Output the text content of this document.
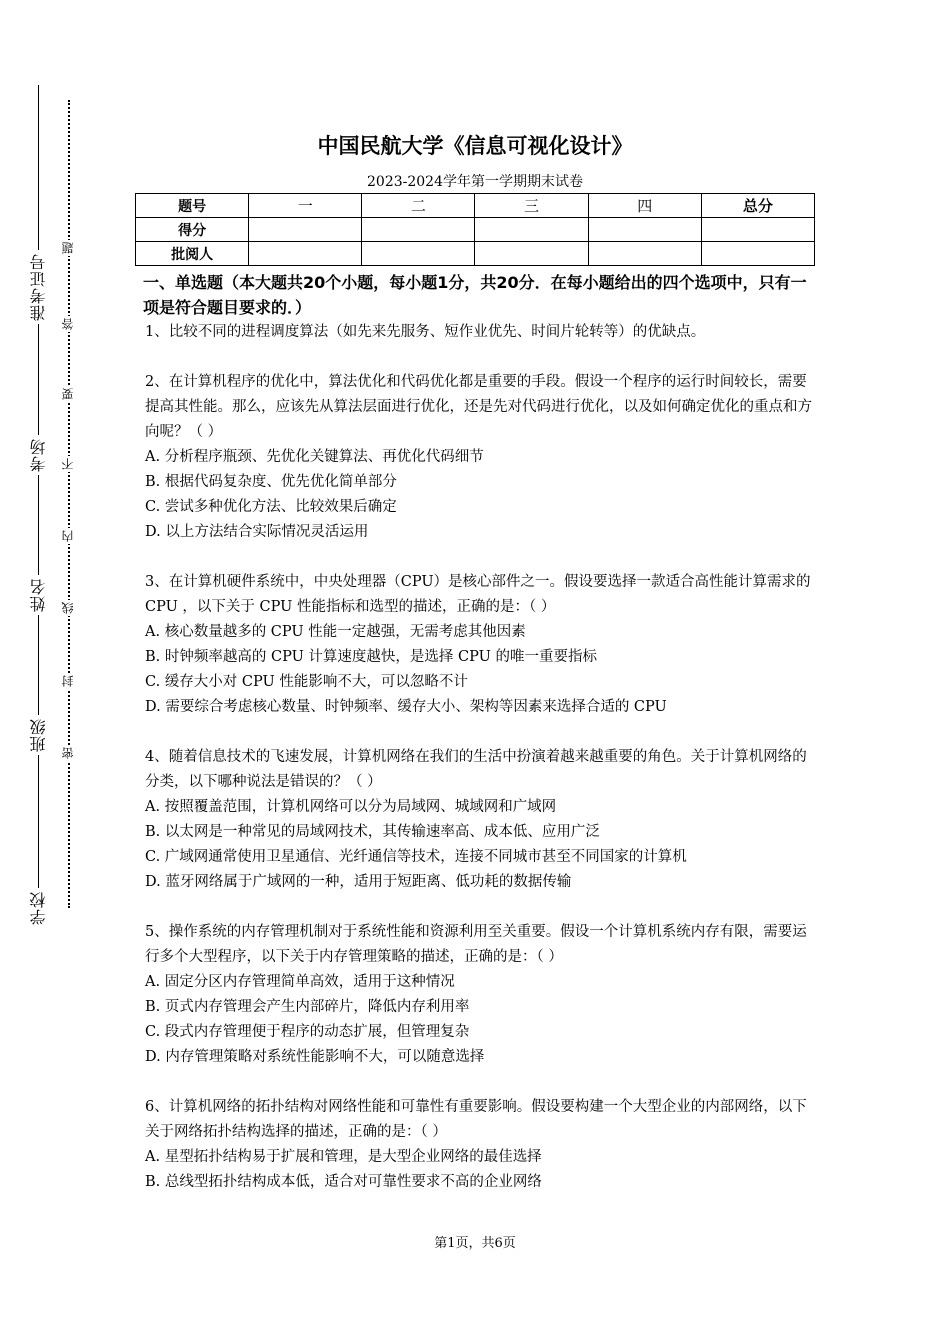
准考证号
考场
姓名
班级
学校
题
答
要
不
内
线
封
密
中国民航大学《信息可视化设计》
2023-2024学年第一学期期末试卷
题号	一	二	三	四	总分
得分					
批阅人					
一、单选题（本大题共20个小题，每小题1分，共20分．在每小题给出的四个选项中，只有一项是符合题目要求的．）

1、比较不同的进程调度算法（如先来先服务、短作业优先、时间片轮转等）的优缺点。

2、在计算机程序的优化中，算法优化和代码优化都是重要的手段。假设一个程序的运行时间较长，需要提高其性能。那么，应该先从算法层面进行优化，还是先对代码进行优化，以及如何确定优化的重点和方向呢？（ ）

A. 分析程序瓶颈、先优化关键算法、再优化代码细节

B. 根据代码复杂度、优先优化简单部分

C. 尝试多种优化方法、比较效果后确定

D. 以上方法结合实际情况灵活运用

3、在计算机硬件系统中，中央处理器（CPU）是核心部件之一。假设要选择一款适合高性能计算需求的 CPU ，以下关于 CPU 性能指标和选型的描述，正确的是：（ ）

A. 核心数量越多的 CPU 性能一定越强，无需考虑其他因素

B. 时钟频率越高的 CPU 计算速度越快，是选择 CPU 的唯一重要指标

C. 缓存大小对 CPU 性能影响不大，可以忽略不计

D. 需要综合考虑核心数量、时钟频率、缓存大小、架构等因素来选择合适的 CPU

4、随着信息技术的飞速发展，计算机网络在我们的生活中扮演着越来越重要的角色。关于计算机网络的分类，以下哪种说法是错误的？（ ）

A. 按照覆盖范围，计算机网络可以分为局域网、城域网和广域网

B. 以太网是一种常见的局域网技术，其传输速率高、成本低、应用广泛

C. 广域网通常使用卫星通信、光纤通信等技术，连接不同城市甚至不同国家的计算机

D. 蓝牙网络属于广域网的一种，适用于短距离、低功耗的数据传输

5、操作系统的内存管理机制对于系统性能和资源利用至关重要。假设一个计算机系统内存有限，需要运行多个大型程序，以下关于内存管理策略的描述，正确的是：（ ）

A. 固定分区内存管理简单高效，适用于这种情况

B. 页式内存管理会产生内部碎片，降低内存利用率

C. 段式内存管理便于程序的动态扩展，但管理复杂

D. 内存管理策略对系统性能影响不大，可以随意选择

6、计算机网络的拓扑结构对网络性能和可靠性有重要影响。假设要构建一个大型企业的内部网络，以下关于网络拓扑结构选择的描述，正确的是：（ ）

A. 星型拓扑结构易于扩展和管理，是大型企业网络的最佳选择

B. 总线型拓扑结构成本低，适合对可靠性要求不高的企业网络

第1页，共6页
